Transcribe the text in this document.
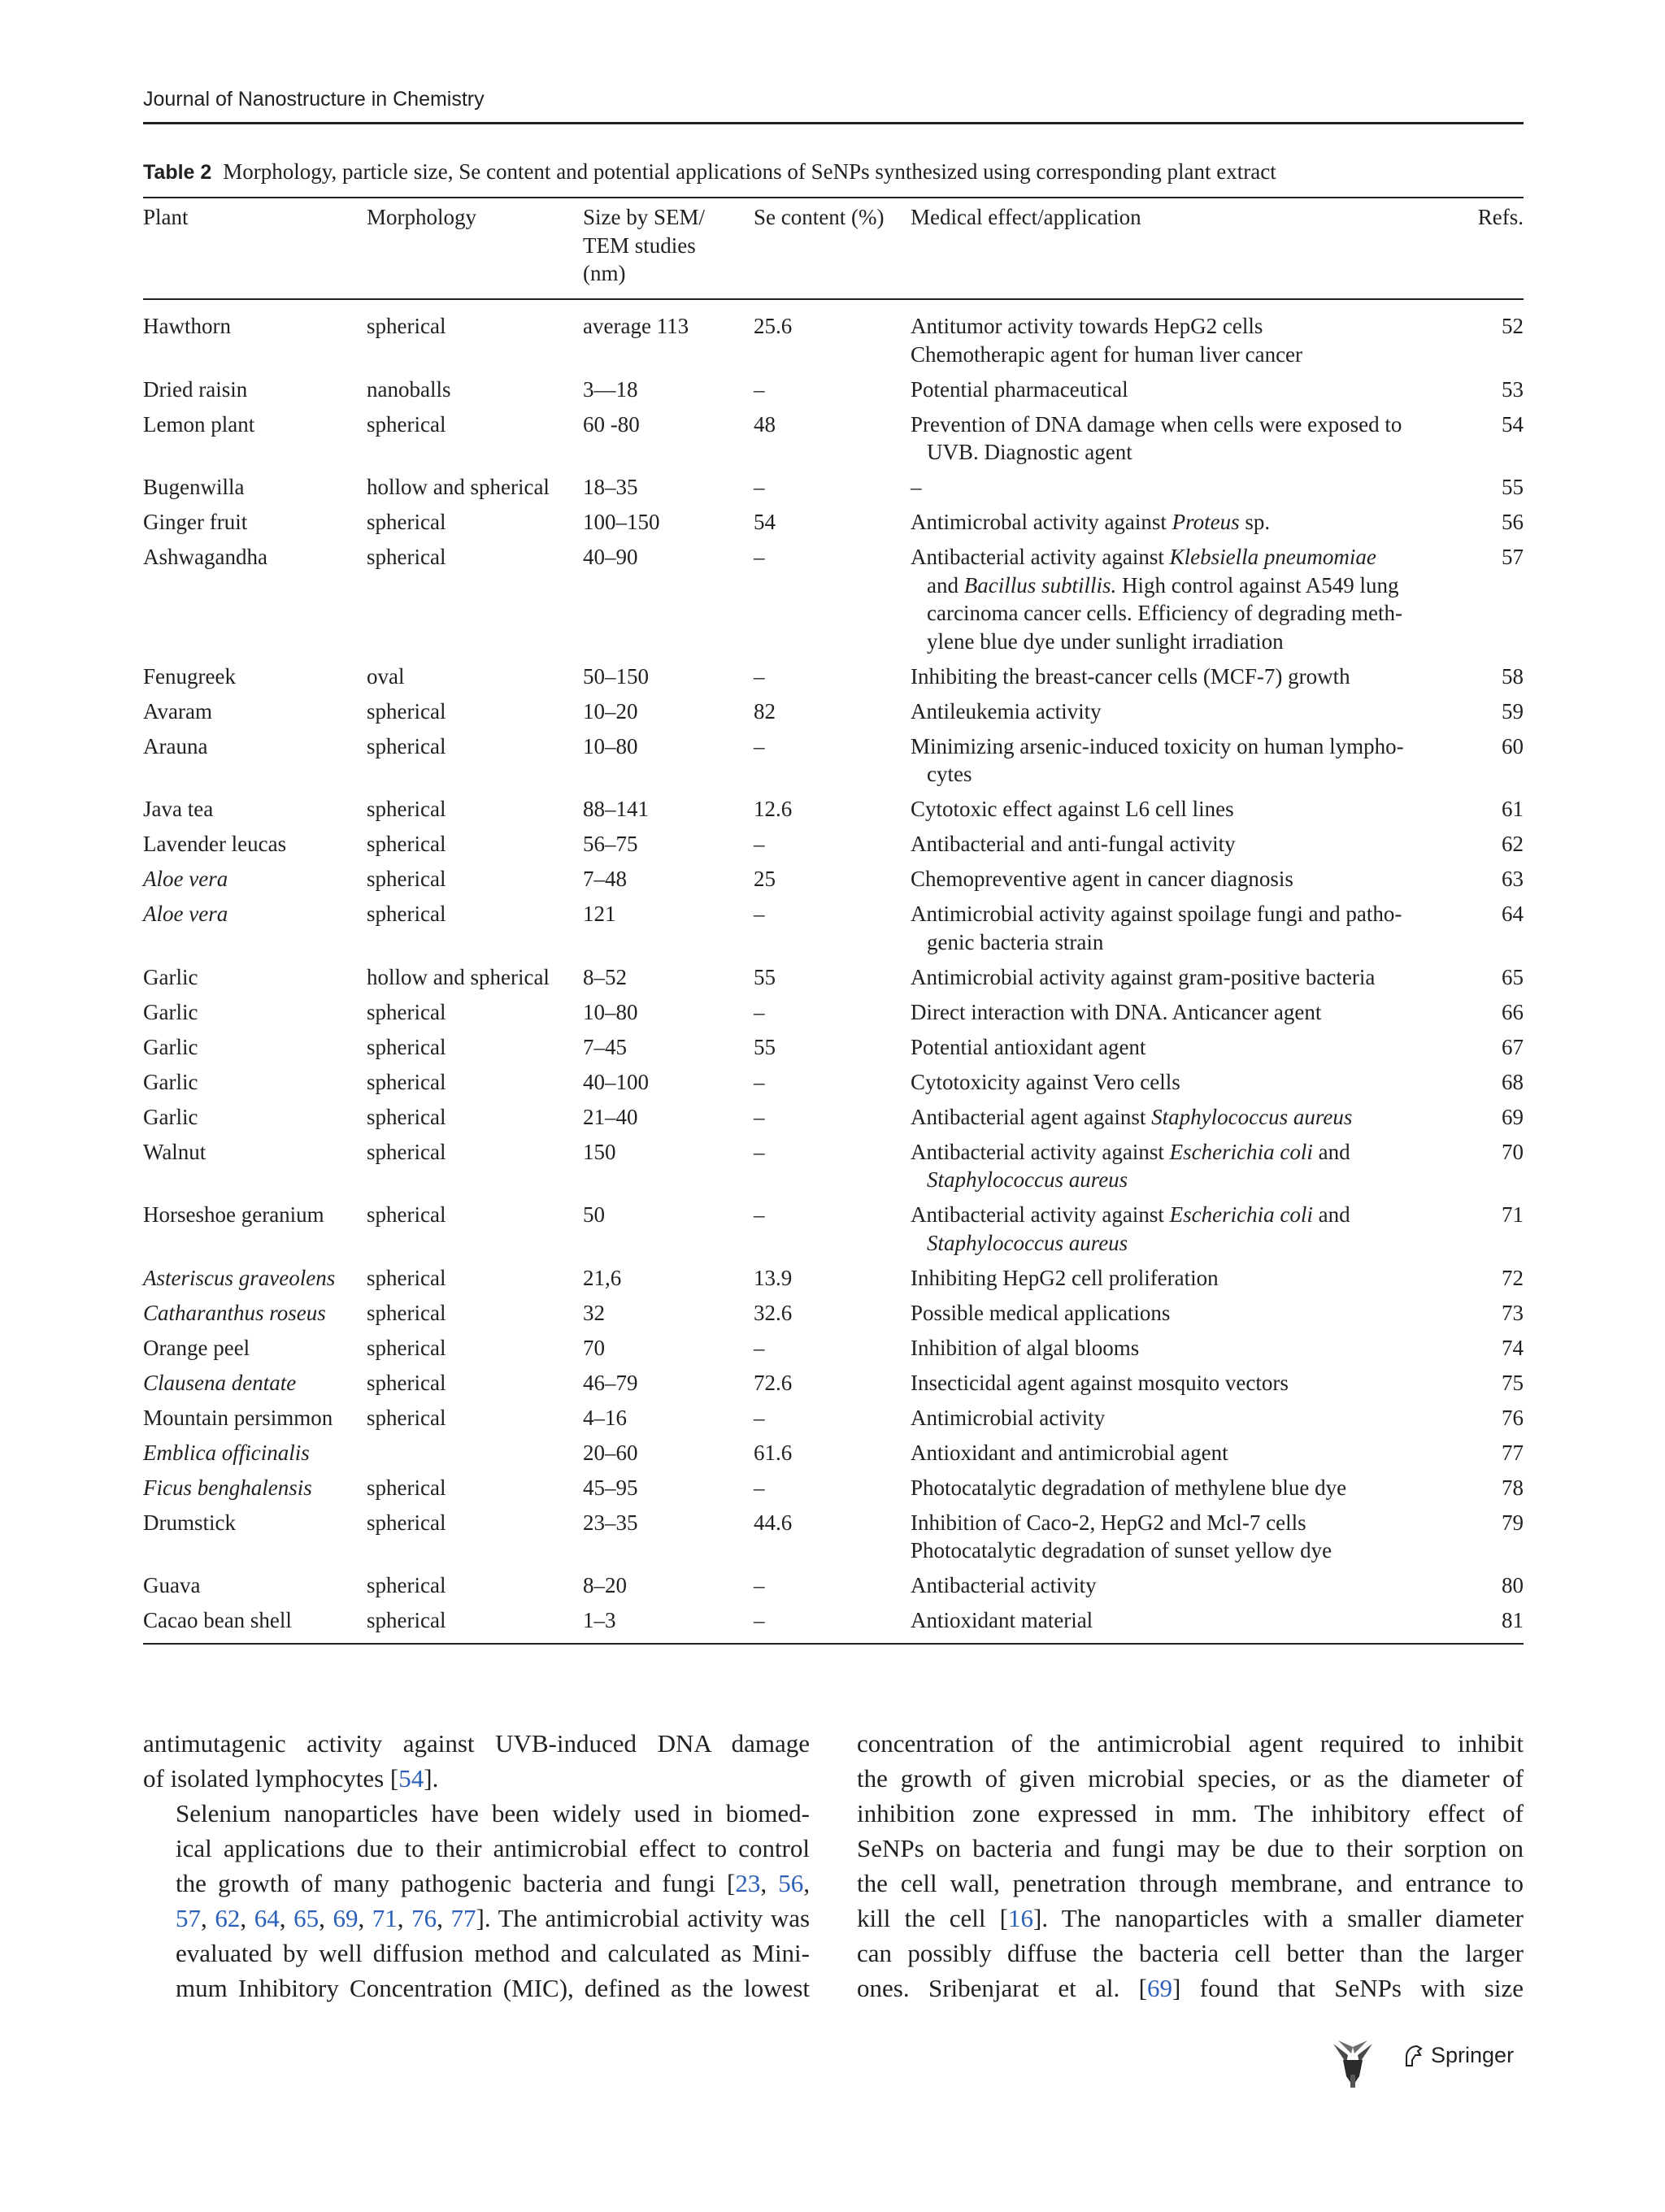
Journal of Nanostructure in Chemistry
Table 2 Morphology, particle size, Se content and potential applications of SeNPs synthesized using corresponding plant extract
Plant	Morphology	Size by SEM/
TEM studies
(nm)
	Se content (%)	Medical effect/application	Refs.
Hawthorn	spherical	average 113	25.6	Antitumor activity towards HepG2 cells
Chemotherapic agent for human liver cancer	52
Dried raisin	nanoballs	3—18	–	Potential pharmaceutical	53
Lemon plant	spherical	60 -80	48	Prevention of DNA damage when cells were exposed to
UVB. Diagnostic agent	54
Bugenwilla	hollow and spherical	18–35	–	–	55
Ginger fruit	spherical	100–150	54	Antimicrobal activity against Proteus sp.	56
Ashwagandha	spherical	40–90	–	Antibacterial activity against Klebsiella pneumomiae
and Bacillus subtillis. High control against A549 lung
carcinoma cancer cells. Efficiency of degrading meth-
ylene blue dye under sunlight irradiation	57
Fenugreek	oval	50–150	–	Inhibiting the breast-cancer cells (MCF-7) growth	58
Avaram	spherical	10–20	82	Antileukemia activity	59
Arauna	spherical	10–80	–	Minimizing arsenic-induced toxicity on human lympho-
cytes	60
Java tea	spherical	88–141	12.6	Cytotoxic effect against L6 cell lines	61
Lavender leucas	spherical	56–75	–	Antibacterial and anti-fungal activity	62
Aloe vera	spherical	7–48	25	Chemopreventive agent in cancer diagnosis	63
Aloe vera	spherical	121	–	Antimicrobial activity against spoilage fungi and patho-
genic bacteria strain	64
Garlic	hollow and spherical	8–52	55	Antimicrobial activity against gram-positive bacteria	65
Garlic	spherical	10–80	–	Direct interaction with DNA. Anticancer agent	66
Garlic	spherical	7–45	55	Potential antioxidant agent	67
Garlic	spherical	40–100	–	Cytotoxicity against Vero cells	68
Garlic	spherical	21–40	–	Antibacterial agent against Staphylococcus aureus	69
Walnut	spherical	150	–	Antibacterial activity against Escherichia coli and
Staphylococcus aureus	70
Horseshoe geranium	spherical	50	–	Antibacterial activity against Escherichia coli and
Staphylococcus aureus	71
Asteriscus graveolens	spherical	21,6	13.9	Inhibiting HepG2 cell proliferation	72
Catharanthus roseus	spherical	32	32.6	Possible medical applications	73
Orange peel	spherical	70	–	Inhibition of algal blooms	74
Clausena dentate	spherical	46–79	72.6	Insecticidal agent against mosquito vectors	75
Mountain persimmon	spherical	4–16	–	Antimicrobial activity	76
Emblica officinalis		20–60	61.6	Antioxidant and antimicrobial agent	77
Ficus benghalensis	spherical	45–95	–	Photocatalytic degradation of methylene blue dye	78
Drumstick	spherical	23–35	44.6	Inhibition of Caco-2, HepG2 and Mcl-7 cells
Photocatalytic degradation of sunset yellow dye	79
Guava	spherical	8–20	–	Antibacterial activity	80
Cacao bean shell	spherical	1–3	–	Antioxidant material	81

antimutagenic activity against UVB-induced DNA damage
of isolated lymphocytes [54].

Selenium nanoparticles have been widely used in biomed-
ical applications due to their antimicrobial effect to control
the growth of many pathogenic bacteria and fungi [23, 56,
57, 62, 64, 65, 69, 71, 76, 77]. The antimicrobial activity was
evaluated by well diffusion method and calculated as Mini-
mum Inhibitory Concentration (MIC), defined as the lowest

concentration of the antimicrobial agent required to inhibit
the growth of given microbial species, or as the diameter of
inhibition zone expressed in mm. The inhibitory effect of
SeNPs on bacteria and fungi may be due to their sorption on
the cell wall, penetration through membrane, and entrance to
kill the cell [16]. The nanoparticles with a smaller diameter
can possibly diffuse the bacteria cell better than the larger
ones. Sribenjarat et al. [69] found that SeNPs with size

Springer
